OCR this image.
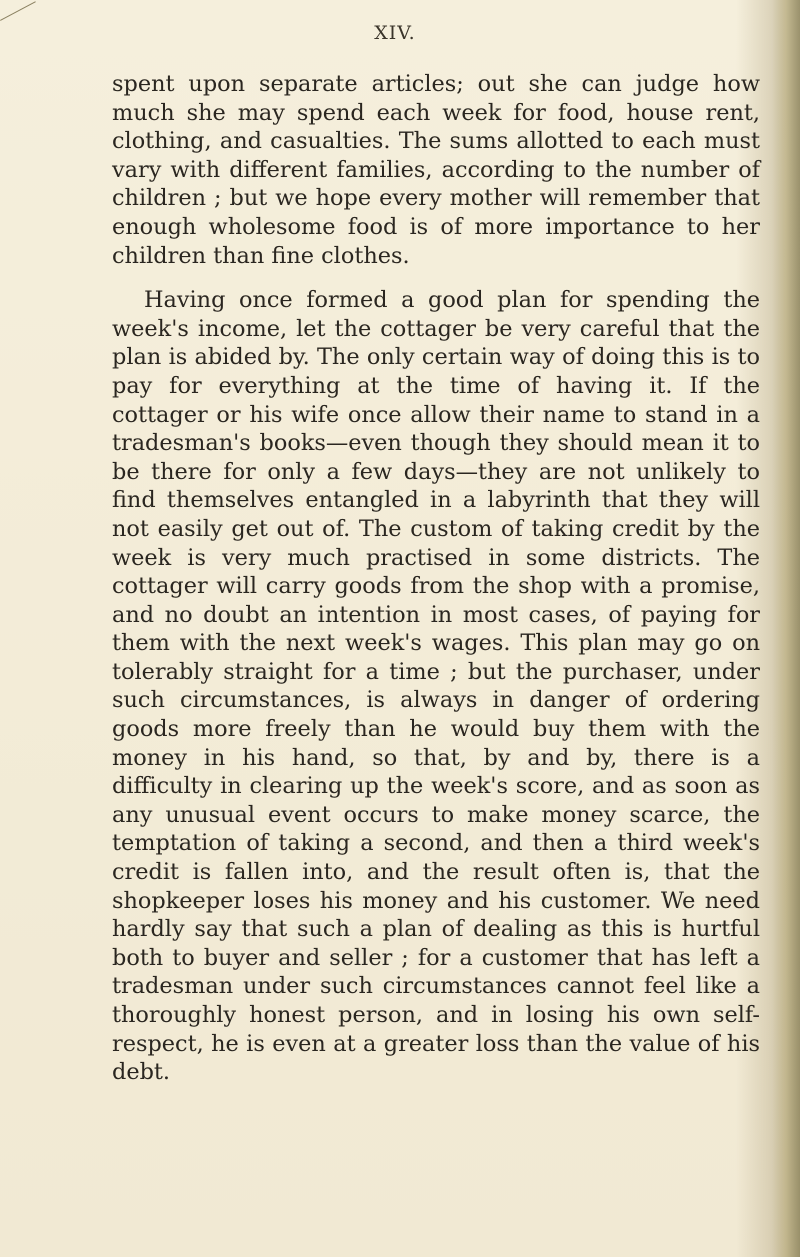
XIV.

spent upon separate articles; out she can judge how much she may spend each week for food, house rent, clothing, and casualties. The sums allotted to each must vary with different families, according to the number of children ; but we hope every mother will remember that enough wholesome food is of more importance to her children than fine clothes.

Having once formed a good plan for spending the week's income, let the cottager be very careful that the plan is abided by. The only certain way of doing this is to pay for everything at the time of having it. If the cottager or his wife once allow their name to stand in a tradesman's books—even though they should mean it to be there for only a few days—they are not unlikely to find themselves entangled in a labyrinth that they will not easily get out of. The custom of taking credit by the week is very much practised in some districts. The cottager will carry goods from the shop with a promise, and no doubt an intention in most cases, of paying for them with the next week's wages. This plan may go on tolerably straight for a time ; but the purchaser, under such circumstances, is always in danger of ordering goods more freely than he would buy them with the money in his hand, so that, by and by, there is a difficulty in clearing up the week's score, and as soon as any unusual event occurs to make money scarce, the temptation of taking a second, and then a third week's credit is fallen into, and the result often is, that the shopkeeper loses his money and his customer. We need hardly say that such a plan of dealing as this is hurtful both to buyer and seller ; for a customer that has left a tradesman under such circumstances cannot feel like a thoroughly honest person, and in losing his own self-respect, he is even at a greater loss than the value of his debt.
